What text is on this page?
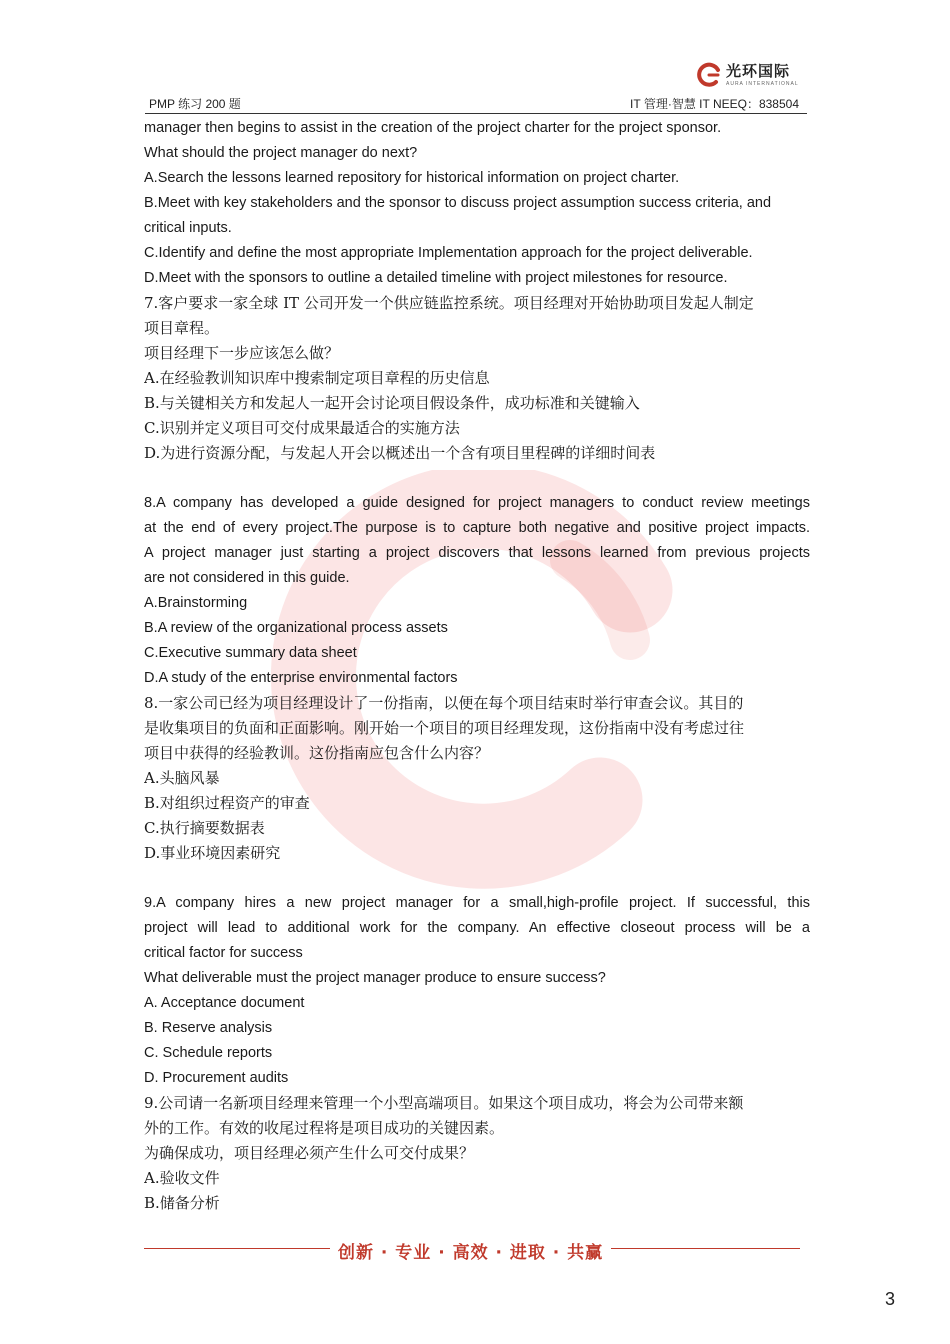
光环国际
AURA INTERNATIONAL
PMP 练习 200 题	IT 管理·智慧 IT NEEQ：838504
manager then begins to assist in the creation of the project charter for the project sponsor.
What should the project manager do next?
A.Search the lessons learned repository for historical information on project charter.
B.Meet with key stakeholders and the sponsor to discuss project assumption success criteria, and
critical inputs.
C.Identify and define the most appropriate Implementation approach for the project deliverable.
D.Meet with the sponsors to outline a detailed timeline with project milestones for resource.
7.客户要求一家全球 IT 公司开发一个供应链监控系统。项目经理对开始协助项目发起人制定
项目章程。
项目经理下一步应该怎么做？
A.在经验教训知识库中搜索制定项目章程的历史信息
B.与关键相关方和发起人一起开会讨论项目假设条件，成功标准和关键输入
C.识别并定义项目可交付成果最适合的实施方法
D.为进行资源分配，与发起人开会以概述出一个含有项目里程碑的详细时间表
8.A company has developed a guide designed for project managers to conduct review meetings
at the end of every project.The purpose is to capture both negative and positive project impacts.
A project manager just starting a project discovers that lessons learned from previous projects
are not considered in this guide.
A.Brainstorming
B.A review of the organizational process assets
C.Executive summary data sheet
D.A study of the enterprise environmental factors
8.一家公司已经为项目经理设计了一份指南，以便在每个项目结束时举行审查会议。其目的
是收集项目的负面和正面影响。刚开始一个项目的项目经理发现，这份指南中没有考虑过往
项目中获得的经验教训。这份指南应包含什么内容？
A.头脑风暴
B.对组织过程资产的审查
C.执行摘要数据表
D.事业环境因素研究
9.A company hires a new project manager for a small,high-profile project. If successful, this
project will lead to additional work for the company. An effective closeout process will be a
critical factor for success
What deliverable must the project manager produce to ensure success?
A. Acceptance document
B. Reserve analysis
C. Schedule reports
D. Procurement audits
9.公司请一名新项目经理来管理一个小型高端项目。如果这个项目成功，将会为公司带来额
外的工作。有效的收尾过程将是项目成功的关键因素。
为确保成功，项目经理必须产生什么可交付成果？
A.验收文件
B.储备分析
创新 · 专业 · 高效 · 进取 · 共赢
3
